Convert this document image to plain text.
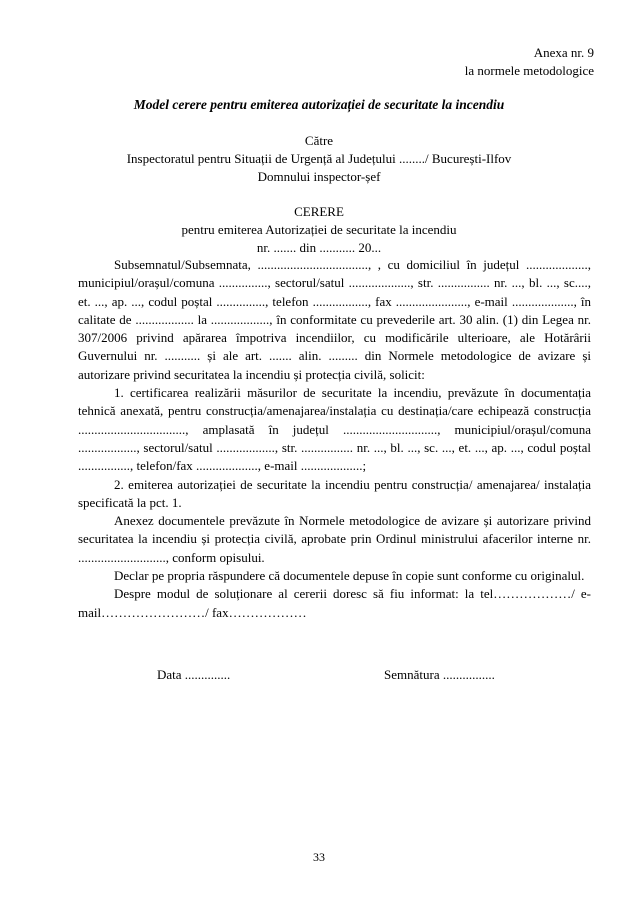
Anexa nr. 9
la normele metodologice
Model cerere pentru emiterea autorizației de securitate la incendiu
Către
Inspectoratul pentru Situații de Urgență al Județului ......../ București-Ilfov
Domnului inspector-șef
CERERE
pentru emiterea Autorizației de securitate la incendiu
nr. ....... din ........... 20...

Subsemnatul/Subsemnata, .................................., , cu domiciliul în județul ..................., municipiul/orașul/comuna ..............., sectorul/satul ..................., str. ................ nr. ..., bl. ..., sc...., et. ..., ap. ..., codul poștal ..............., telefon ................., fax ......................, e-mail ..................., în calitate de .................. la .................., în conformitate cu prevederile art. 30 alin. (1) din Legea nr. 307/2006 privind apărarea împotriva incendiilor, cu modificările ulterioare, ale Hotărârii Guvernului nr. ........... și ale art. ....... alin. ......... din Normele metodologice de avizare și autorizare privind securitatea la incendiu și protecția civilă, solicit:

1. certificarea realizării măsurilor de securitate la incendiu, prevăzute în documentația tehnică anexată, pentru construcția/amenajarea/instalația cu destinația/care echipează construcția ................................., amplasată în județul ............................., municipiul/orașul/comuna .................., sectorul/satul .................., str. ................ nr. ..., bl. ..., sc. ..., et. ..., ap. ..., codul poștal ................, telefon/fax ..................., e-mail ...................;

2. emiterea autorizației de securitate la incendiu pentru construcția/ amenajarea/ instalația specificată la pct. 1.

Anexez documentele prevăzute în Normele metodologice de avizare și autorizare privind securitatea la incendiu și protecția civilă, aprobate prin Ordinul ministrului afacerilor interne nr. ..........................., conform opisului.

Declar pe propria răspundere că documentele depuse în copie sunt conforme cu originalul.

Despre modul de soluționare al cererii doresc să fiu informat: la tel………………/ e-mail……………………/ fax………………

Data ..............	Semnătura ................
33
